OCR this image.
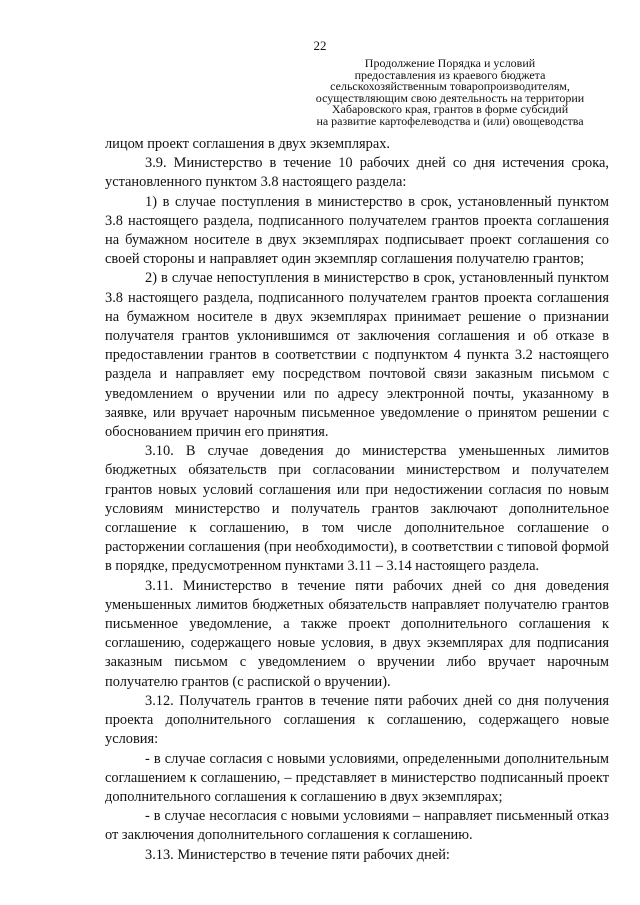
22
Продолжение Порядка и условий
предоставления из краевого бюджета
сельскохозяйственным товаропроизводителям,
осуществляющим свою деятельность на территории
Хабаровского края, грантов в форме субсидий
на развитие картофелеводства и (или) овощеводства

лицом проект соглашения в двух экземплярах.

3.9. Министерство в течение 10 рабочих дней со дня истечения срока, установленного пунктом 3.8 настоящего раздела:

1) в случае поступления в министерство в срок, установленный пунктом 3.8 настоящего раздела, подписанного получателем грантов проекта соглашения на бумажном носителе в двух экземплярах подписывает проект соглашения со своей стороны и направляет один экземпляр соглашения получателю грантов;

2) в случае непоступления в министерство в срок, установленный пунктом 3.8 настоящего раздела, подписанного получателем грантов проекта соглашения на бумажном носителе в двух экземплярах принимает решение о признании получателя грантов уклонившимся от заключения соглашения и об отказе в предоставлении грантов в соответствии с подпунктом 4 пункта 3.2 настоящего раздела и направляет ему посредством почтовой связи заказным письмом с уведомлением о вручении или по адресу электронной почты, указанному в заявке, или вручает нарочным письменное уведомление о принятом решении с обоснованием причин его принятия.

3.10. В случае доведения до министерства уменьшенных лимитов бюджетных обязательств при согласовании министерством и получателем грантов новых условий соглашения или при недостижении согласия по новым условиям министерство и получатель грантов заключают дополнительное соглашение к соглашению, в том числе дополнительное соглашение о расторжении соглашения (при необходимости), в соответствии с типовой формой в порядке, предусмотренном пунктами 3.11 – 3.14 настоящего раздела.

3.11. Министерство в течение пяти рабочих дней со дня доведения уменьшенных лимитов бюджетных обязательств направляет получателю грантов письменное уведомление, а также проект дополнительного соглашения к соглашению, содержащего новые условия, в двух экземплярах для подписания заказным письмом с уведомлением о вручении либо вручает нарочным получателю грантов (с распиской о вручении).

3.12. Получатель грантов в течение пяти рабочих дней со дня получения проекта дополнительного соглашения к соглашению, содержащего новые условия:

- в случае согласия с новыми условиями, определенными дополнительным соглашением к соглашению, – представляет в министерство подписанный проект дополнительного соглашения к соглашению в двух экземплярах;

- в случае несогласия с новыми условиями – направляет письменный отказ от заключения дополнительного соглашения к соглашению.

3.13. Министерство в течение пяти рабочих дней:
